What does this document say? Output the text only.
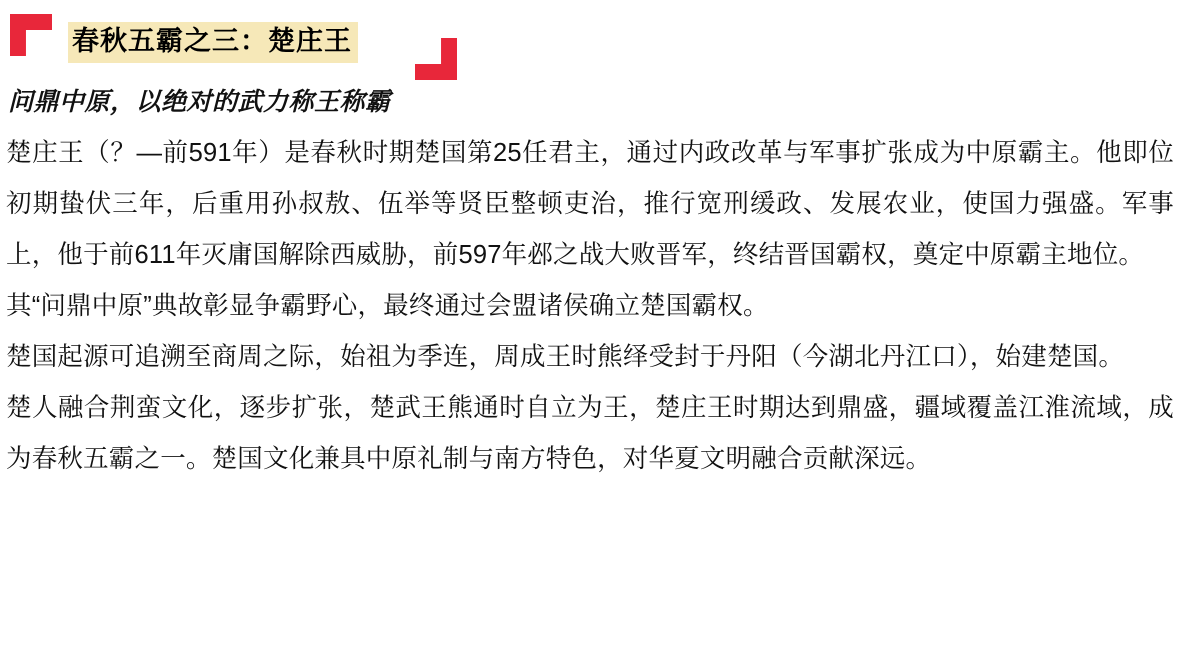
春秋五霸之三：楚庄王
问鼎中原，以绝对的武力称王称霸

楚庄王（？—前591年）是春秋时期楚国第25任君主，通过内政改革与军事扩张成为中原霸主。他即位初期蛰伏三年，后重用孙叔敖、伍举等贤臣整顿吏治，推行宽刑缓政、发展农业，使国力强盛。军事上，他于前611年灭庸国解除西威胁，前597年邲之战大败晋军，终结晋国霸权，奠定中原霸主地位。

其“问鼎中原”典故彰显争霸野心，最终通过会盟诸侯确立楚国霸权。

楚国起源可追溯至商周之际，始祖为季连，周成王时熊绎受封于丹阳（今湖北丹江口），始建楚国。

楚人融合荆蛮文化，逐步扩张，楚武王熊通时自立为王，楚庄王时期达到鼎盛，疆域覆盖江淮流域，成为春秋五霸之一。楚国文化兼具中原礼制与南方特色，对华夏文明融合贡献深远。
